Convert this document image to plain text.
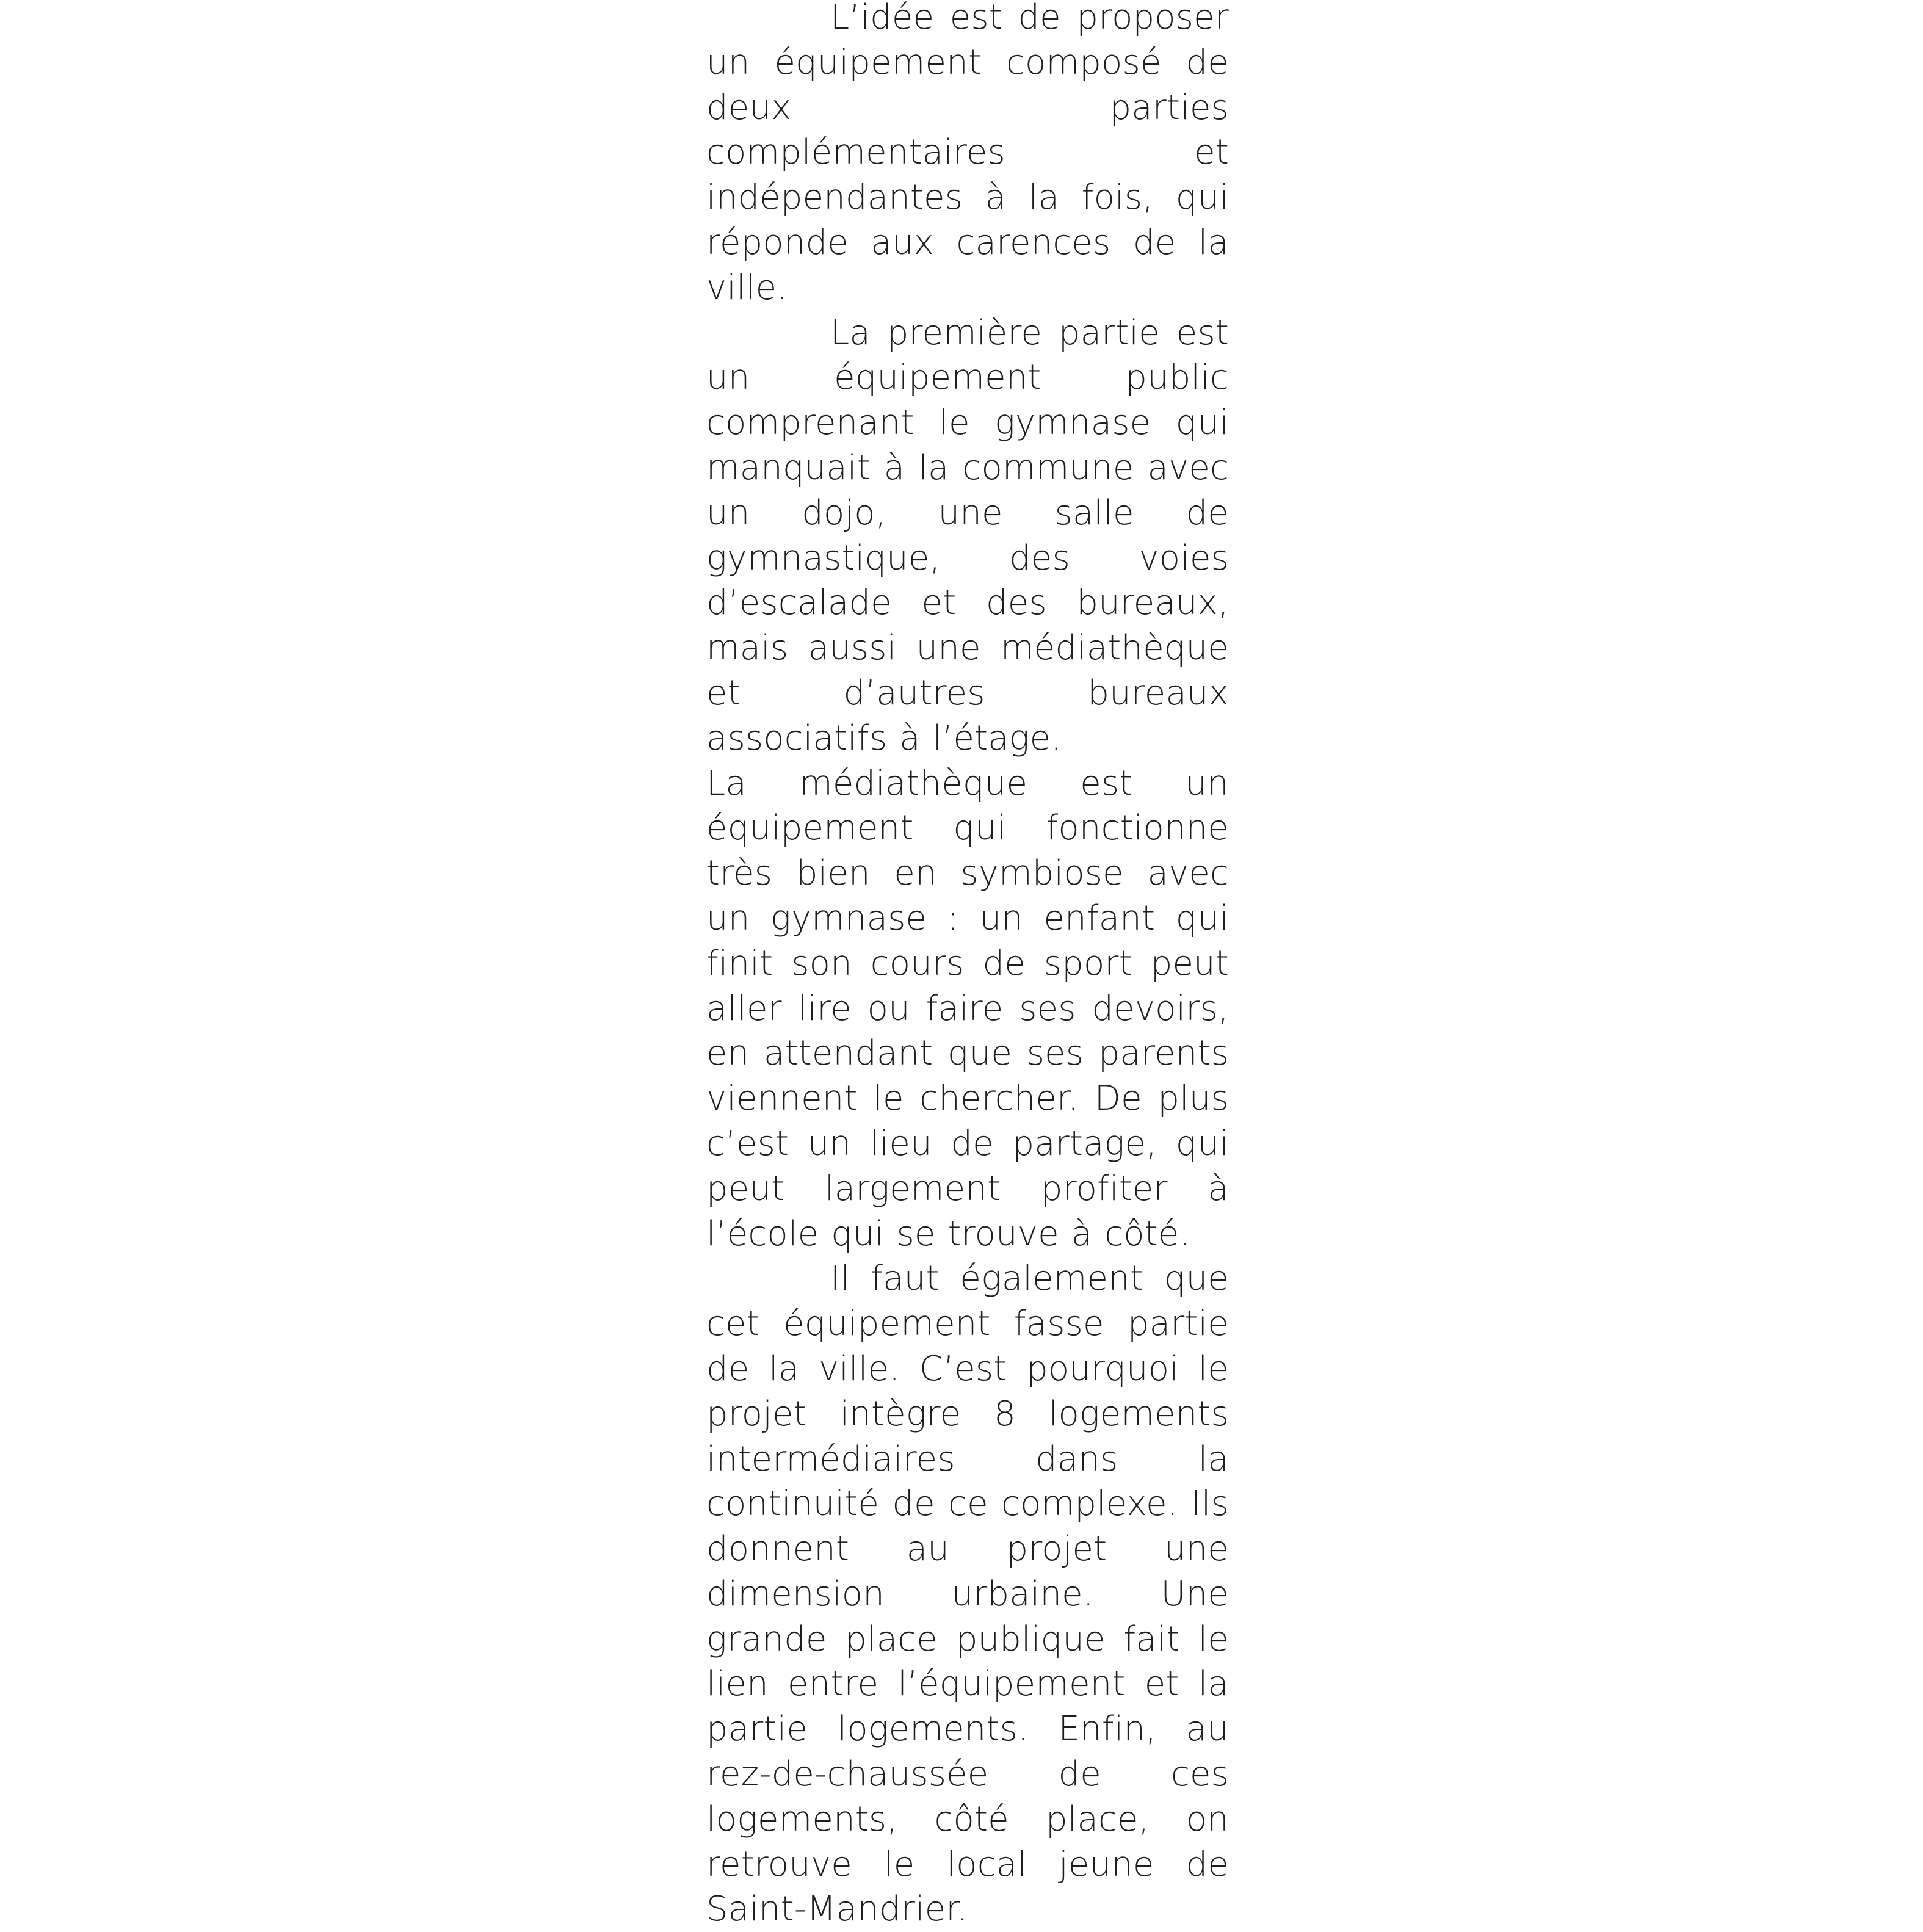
L’idée est de proposer un équipement composé de deux parties complémentaires et indépendantes à la fois, qui réponde aux carences de la ville.

La première partie est un équipement public comprenant le gymnase qui manquait à la commune avec un dojo, une salle de gymnastique, des voies d’escalade et des bureaux, mais aussi une médiathèque et d’autres bureaux associatifs à l’étage.

La médiathèque est un équipement qui fonctionne très bien en symbiose avec un gymnase : un enfant qui finit son cours de sport peut aller lire ou faire ses devoirs, en attendant que ses parents viennent le chercher. De plus c’est un lieu de partage, qui peut largement profiter à l’école qui se trouve à côté.

Il faut également que cet équipement fasse partie de la ville. C’est pourquoi le projet intègre 8 logements intermédiaires dans la continuité de ce complexe. Ils donnent au projet une dimension urbaine. Une grande place publique fait le lien entre l’équipement et la partie logements. Enfin, au rez-de-chaussée de ces logements, côté place, on retrouve le local jeune de Saint-Mandrier.
